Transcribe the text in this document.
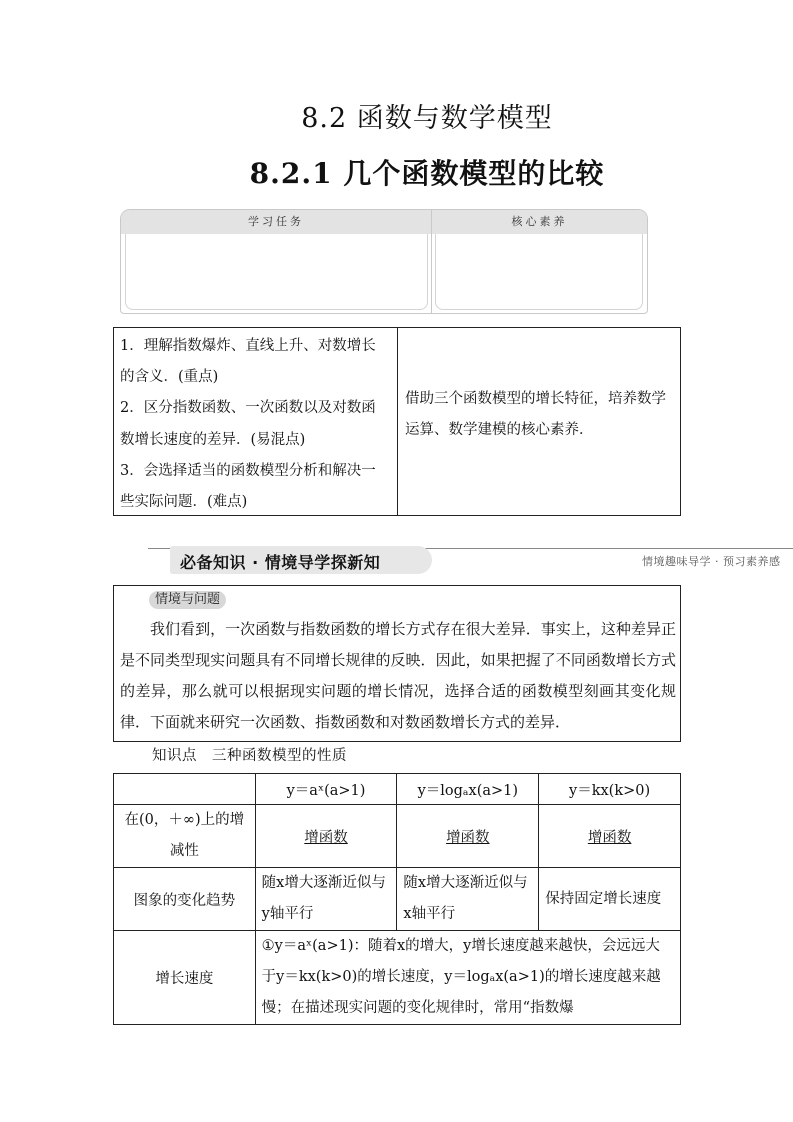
8.2 函数与数学模型
8.2.1 几个函数模型的比较
学习任务	核心素养
1．理解指数爆炸、直线上升、对数增长的含义．(重点)
2．区分指数函数、一次函数以及对数函数增长速度的差异．(易混点)
3．会选择适当的函数模型分析和解决一些实际问题．(难点)
借助三个函数模型的增长特征，培养数学运算、数学建模的核心素养．
必备知识 · 情境导学探新知	情境趣味导学 · 预习素养感
情境与问题
我们看到，一次函数与指数函数的增长方式存在很大差异．事实上，这种差异正是不同类型现实问题具有不同增长规律的反映．因此，如果把握了不同函数增长方式的差异，那么就可以根据现实问题的增长情况，选择合适的函数模型刻画其变化规律．下面就来研究一次函数、指数函数和对数函数增长方式的差异．
知识点　三种函数模型的性质
	y＝aˣ(a>1)	y＝logₐx(a>1)	y＝kx(k>0)
在(0，＋∞)上的增减性	增函数	增函数	增函数
图象的变化趋势	随x增大逐渐近似与y轴平行	随x增大逐渐近似与x轴平行	保持固定增长速度
增长速度	①y＝aˣ(a>1)：随着x的增大，y增长速度越来越快，会远远大于y＝kx(k>0)的增长速度，y＝logₐx(a>1)的增长速度越来越慢；在描述现实问题的变化规律时，常用“指数爆		
